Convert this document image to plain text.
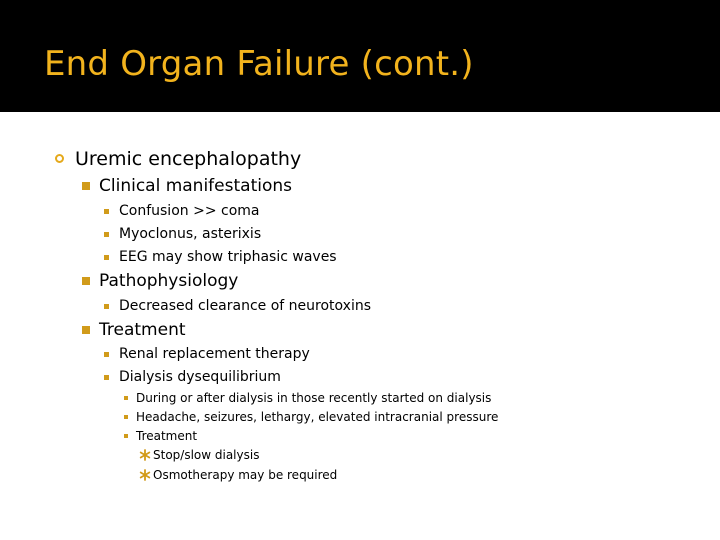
End Organ Failure (cont.)
Uremic encephalopathy
Clinical manifestations
Confusion >> coma
Myoclonus, asterixis
EEG may show triphasic waves
Pathophysiology
Decreased clearance of neurotoxins
Treatment
Renal replacement therapy
Dialysis dysequilibrium
During or after dialysis in those recently started on dialysis
Headache, seizures, lethargy, elevated intracranial pressure
Treatment
Stop/slow dialysis
Osmotherapy may be required
